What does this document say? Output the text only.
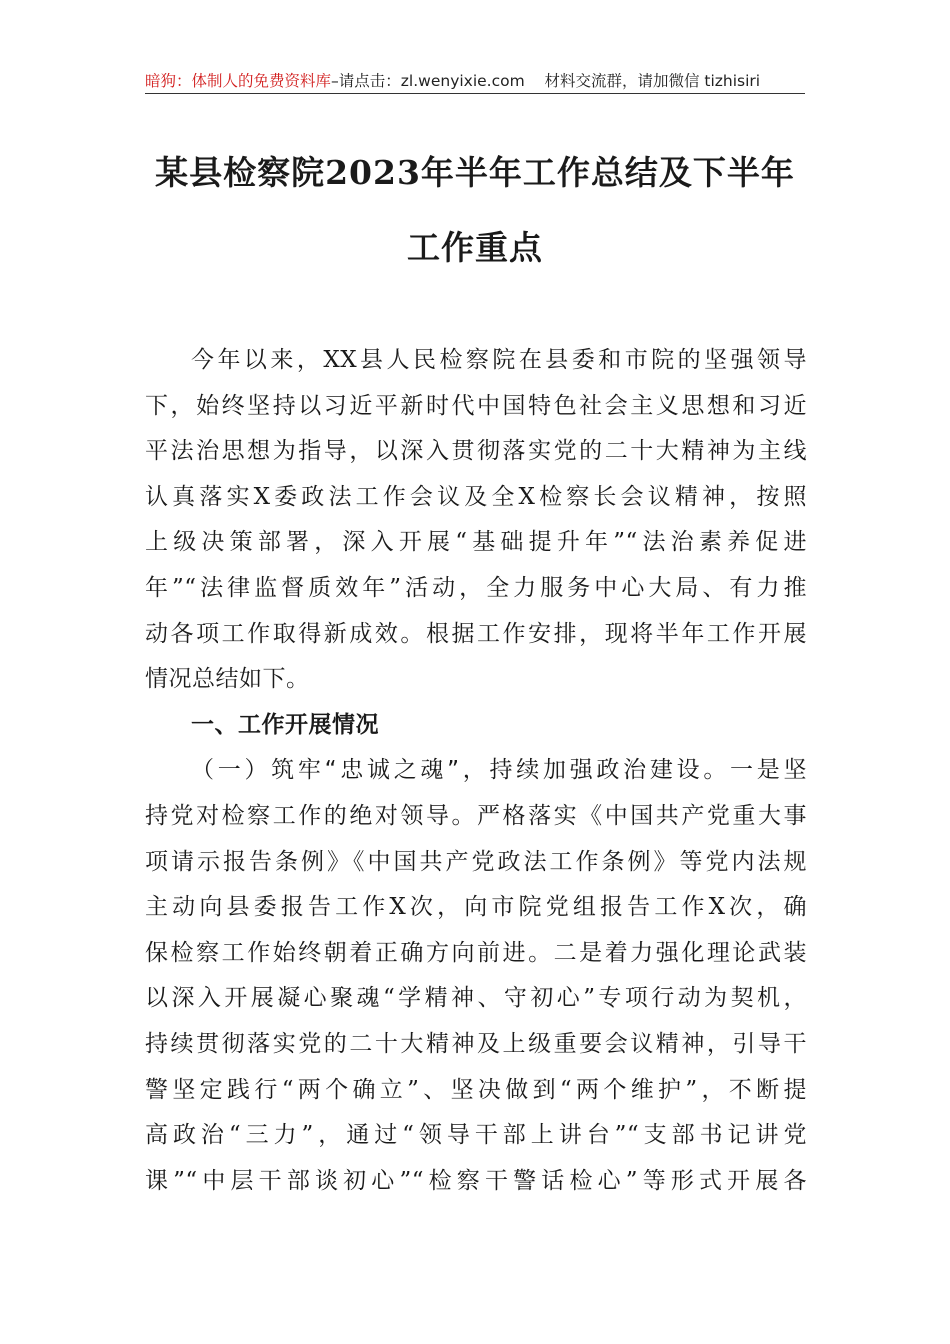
暗狗：体制人的免费资料库–请点击：zl.wenyixie.com 材料交流群，请加微信 tizhisiri
某县检察院2023年半年工作总结及下半年
工作重点
今年以来，XX县人民检察院在县委和市院的坚强领导
下，始终坚持以习近平新时代中国特色社会主义思想和习近
平法治思想为指导，以深入贯彻落实党的二十大精神为主线
认真落实X委政法工作会议及全X检察长会议精神，按照
上级决策部署，深入开展“基础提升年”“法治素养促进
年”“法律监督质效年”活动，全力服务中心大局、有力推
动各项工作取得新成效。根据工作安排，现将半年工作开展
情况总结如下。
一、工作开展情况
（一）筑牢“忠诚之魂”，持续加强政治建设。一是坚
持党对检察工作的绝对领导。严格落实《中国共产党重大事
项请示报告条例》《中国共产党政法工作条例》等党内法规
主动向县委报告工作X次，向市院党组报告工作X次，确
保检察工作始终朝着正确方向前进。二是着力强化理论武装
以深入开展凝心聚魂“学精神、守初心”专项行动为契机，
持续贯彻落实党的二十大精神及上级重要会议精神，引导干
警坚定践行“两个确立”、坚决做到“两个维护”，不断提
高政治“三力”，通过“领导干部上讲台”“支部书记讲党
课”“中层干部谈初心”“检察干警话检心”等形式开展各
